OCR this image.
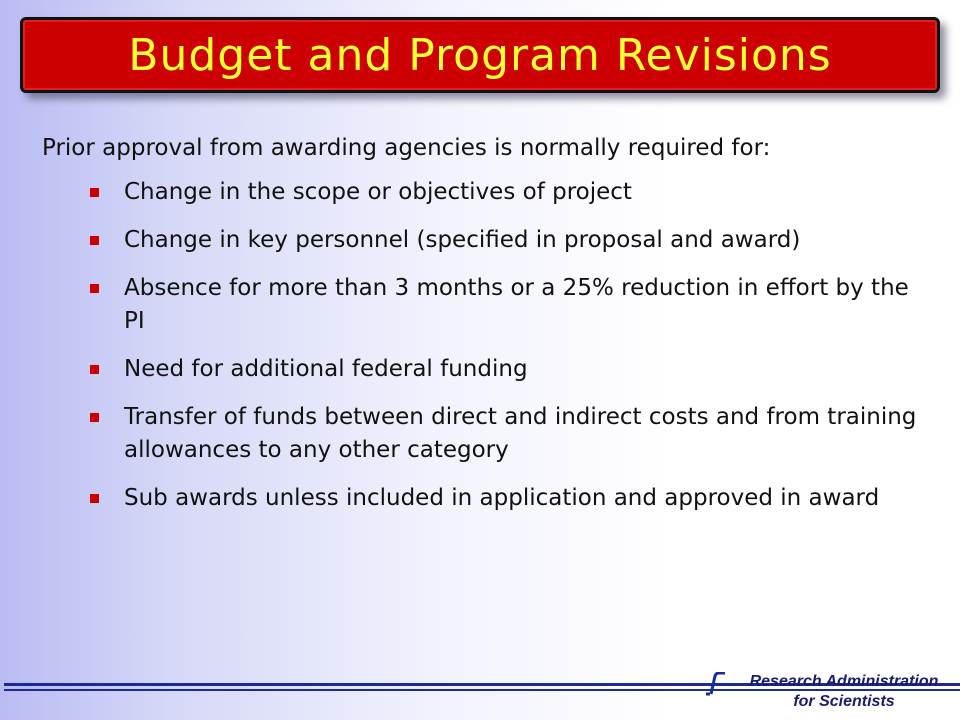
Budget and Program Revisions

Prior approval from awarding agencies is normally required for:

Change in the scope or objectives of project
Change in key personnel (specified in proposal and award)
Absence for more than 3 months or a 25% reduction in effort by the PI
Need for additional federal funding
Transfer of funds between direct and indirect costs and from training allowances to any other category
Sub awards unless included in application and approved in award
Research Administration
for Scientists
